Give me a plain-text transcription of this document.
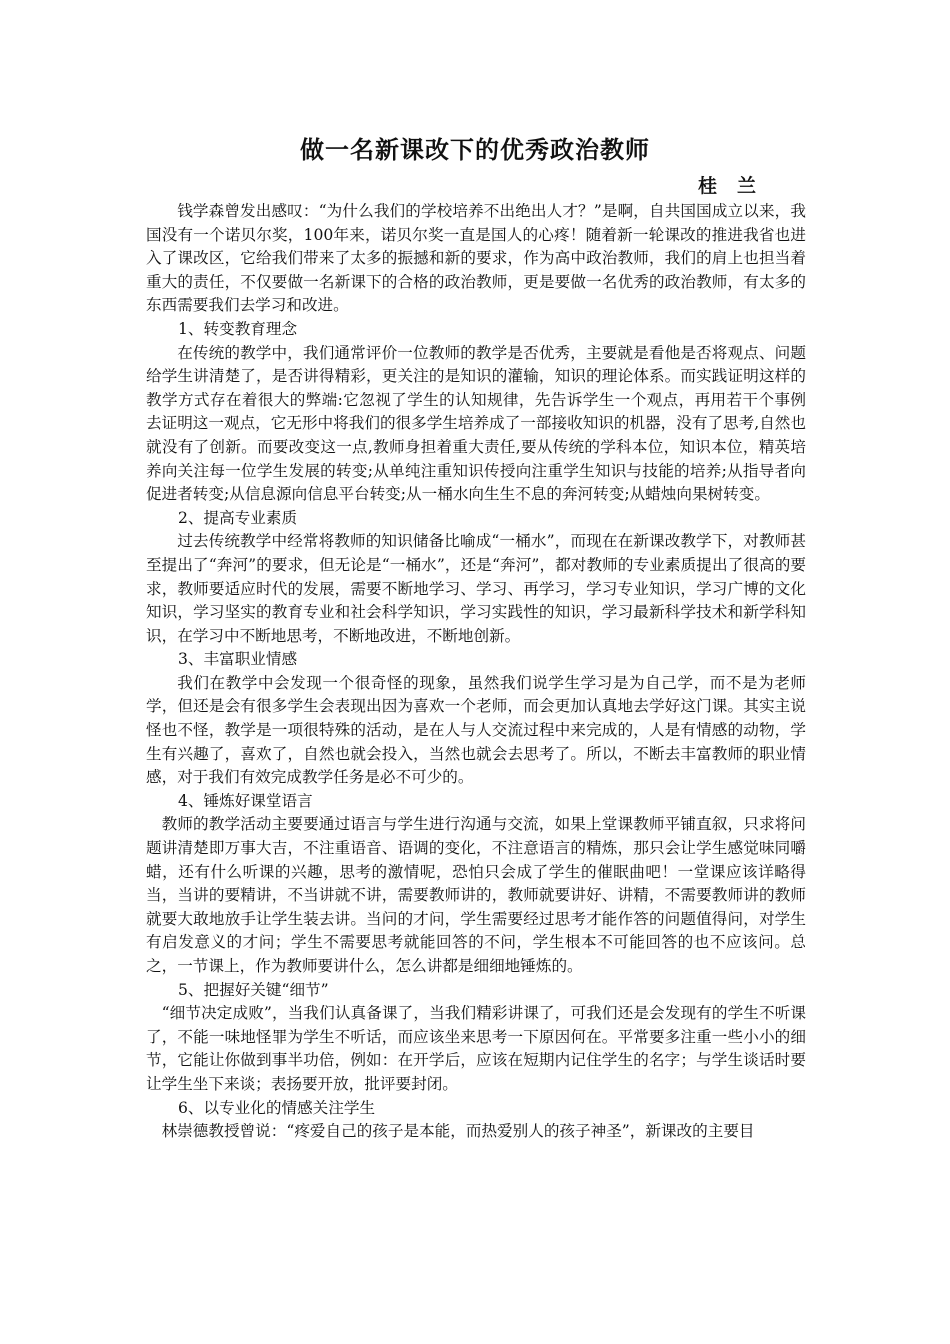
做一名新课改下的优秀政治教师
桂兰

钱学森曾发出感叹：“为什么我们的学校培养不出绝出人才？”是啊，自共国国成立以来，我国没有一个诺贝尔奖，100年来，诺贝尔奖一直是国人的心疼！随着新一轮课改的推进我省也进入了课改区，它给我们带来了太多的振撼和新的要求，作为高中政治教师，我们的肩上也担当着重大的责任，不仅要做一名新课下的合格的政治教师，更是要做一名优秀的政治教师，有太多的东西需要我们去学习和改进。

1、转变教育理念

在传统的教学中，我们通常评价一位教师的教学是否优秀，主要就是看他是否将观点、问题给学生讲清楚了，是否讲得精彩，更关注的是知识的灌输，知识的理论体系。而实践证明这样的教学方式存在着很大的弊端:它忽视了学生的认知规律，先告诉学生一个观点，再用若干个事例去证明这一观点，它无形中将我们的很多学生培养成了一部接收知识的机器，没有了思考,自然也就没有了创新。而要改变这一点,教师身担着重大责任,要从传统的学科本位，知识本位，精英培养向关注每一位学生发展的转变;从单纯注重知识传授向注重学生知识与技能的培养;从指导者向促进者转变;从信息源向信息平台转变;从一桶水向生生不息的奔河转变;从蜡烛向果树转变。

2、提高专业素质

过去传统教学中经常将教师的知识储备比喻成“一桶水”，而现在在新课改教学下，对教师甚至提出了“奔河”的要求，但无论是“一桶水”，还是“奔河”，都对教师的专业素质提出了很高的要求，教师要适应时代的发展，需要不断地学习、学习、再学习，学习专业知识，学习广博的文化知识，学习坚实的教育专业和社会科学知识，学习实践性的知识，学习最新科学技术和新学科知识，在学习中不断地思考，不断地改进，不断地创新。

3、丰富职业情感

我们在教学中会发现一个很奇怪的现象，虽然我们说学生学习是为自己学，而不是为老师学，但还是会有很多学生会表现出因为喜欢一个老师，而会更加认真地去学好这门课。其实主说怪也不怪，教学是一项很特殊的活动，是在人与人交流过程中来完成的，人是有情感的动物，学生有兴趣了，喜欢了，自然也就会投入，当然也就会去思考了。所以，不断去丰富教师的职业情感，对于我们有效完成教学任务是必不可少的。

4、锤炼好课堂语言

教师的教学活动主要要通过语言与学生进行沟通与交流，如果上堂课教师平铺直叙，只求将问题讲清楚即万事大吉，不注重语音、语调的变化，不注意语言的精炼，那只会让学生感觉味同嚼蜡，还有什么听课的兴趣，思考的激情呢，恐怕只会成了学生的催眠曲吧！一堂课应该详略得当，当讲的要精讲，不当讲就不讲，需要教师讲的，教师就要讲好、讲精，不需要教师讲的教师就要大敢地放手让学生装去讲。当问的才问，学生需要经过思考才能作答的问题值得问，对学生有启发意义的才问；学生不需要思考就能回答的不问，学生根本不可能回答的也不应该问。总之，一节课上，作为教师要讲什么，怎么讲都是细细地锤炼的。

5、把握好关键“细节”

“细节决定成败”，当我们认真备课了，当我们精彩讲课了，可我们还是会发现有的学生不听课了，不能一味地怪罪为学生不听话，而应该坐来思考一下原因何在。平常要多注重一些小小的细节，它能让你做到事半功倍，例如：在开学后，应该在短期内记住学生的名字；与学生谈话时要让学生坐下来谈；表扬要开放，批评要封闭。

6、以专业化的情感关注学生

林崇德教授曾说：“疼爱自己的孩子是本能，而热爱别人的孩子神圣”，新课改的主要目
